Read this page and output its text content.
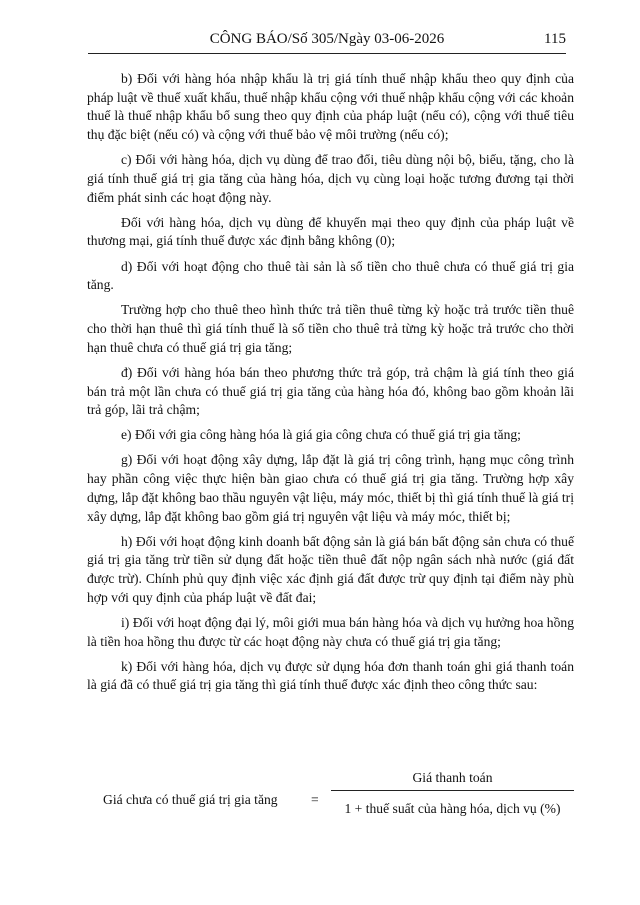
CÔNG BÁO/Số 305/Ngày 03-06-2026	115

b) Đối với hàng hóa nhập khẩu là trị giá tính thuế nhập khẩu theo quy định của pháp luật về thuế xuất khẩu, thuế nhập khẩu cộng với thuế nhập khẩu cộng với các khoản thuế là thuế nhập khẩu bổ sung theo quy định của pháp luật (nếu có), cộng với thuế tiêu thụ đặc biệt (nếu có) và cộng với thuế bảo vệ môi trường (nếu có);

c) Đối với hàng hóa, dịch vụ dùng để trao đổi, tiêu dùng nội bộ, biếu, tặng, cho là giá tính thuế giá trị gia tăng của hàng hóa, dịch vụ cùng loại hoặc tương đương tại thời điểm phát sinh các hoạt động này.

Đối với hàng hóa, dịch vụ dùng để khuyến mại theo quy định của pháp luật về thương mại, giá tính thuế được xác định bằng không (0);

d) Đối với hoạt động cho thuê tài sản là số tiền cho thuê chưa có thuế giá trị gia tăng.

Trường hợp cho thuê theo hình thức trả tiền thuê từng kỳ hoặc trả trước tiền thuê cho thời hạn thuê thì giá tính thuế là số tiền cho thuê trả từng kỳ hoặc trả trước cho thời hạn thuê chưa có thuế giá trị gia tăng;

đ) Đối với hàng hóa bán theo phương thức trả góp, trả chậm là giá tính theo giá bán trả một lần chưa có thuế giá trị gia tăng của hàng hóa đó, không bao gồm khoản lãi trả góp, lãi trả chậm;

e) Đối với gia công hàng hóa là giá gia công chưa có thuế giá trị gia tăng;

g) Đối với hoạt động xây dựng, lắp đặt là giá trị công trình, hạng mục công trình hay phần công việc thực hiện bàn giao chưa có thuế giá trị gia tăng. Trường hợp xây dựng, lắp đặt không bao thầu nguyên vật liệu, máy móc, thiết bị thì giá tính thuế là giá trị xây dựng, lắp đặt không bao gồm giá trị nguyên vật liệu và máy móc, thiết bị;

h) Đối với hoạt động kinh doanh bất động sản là giá bán bất động sản chưa có thuế giá trị gia tăng trừ tiền sử dụng đất hoặc tiền thuê đất nộp ngân sách nhà nước (giá đất được trừ). Chính phủ quy định việc xác định giá đất được trừ quy định tại điểm này phù hợp với quy định của pháp luật về đất đai;

i) Đối với hoạt động đại lý, môi giới mua bán hàng hóa và dịch vụ hưởng hoa hồng là tiền hoa hồng thu được từ các hoạt động này chưa có thuế giá trị gia tăng;

k) Đối với hàng hóa, dịch vụ được sử dụng hóa đơn thanh toán ghi giá thanh toán là giá đã có thuế giá trị gia tăng thì giá tính thuế được xác định theo công thức sau:

Giá chưa có thuế giá trị gia tăng =
Giá thanh toán
1 + thuế suất của hàng hóa, dịch vụ (%)
